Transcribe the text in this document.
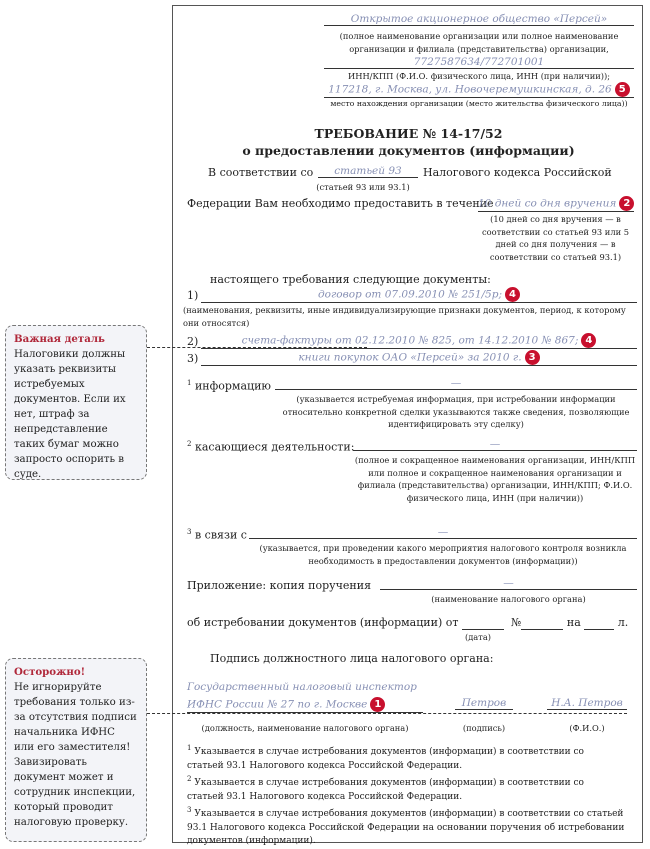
Открытое акционерное общество «Персей»
(полное наименование организации или полное наименование организации и филиала (представительства) организации,
7727587634/772701001
ИНН/КПП (Ф.И.О. физического лица, ИНН (при наличии));
117218, г. Москва, ул. Новочеремушкинская, д. 26 5
место нахождения организации (место жительства физического лица))
ТРЕБОВАНИЕ № 14-17/52
о предоставлении документов (информации)
В соответствии со	статьей 93	Налогового кодекса Российской
(статьей 93 или 93.1)
Федерации Вам необходимо предоставить в течение
10 дней со дня вручения 2
(10 дней со дня вручения — в соответствии со статьей 93 или 5 дней со дня получения — в соответствии со статьей 93.1)
настоящего требования следующие документы:
1)	договор от 07.09.2010 № 251/5р; 4
(наименования, реквизиты, иные индивидуализирующие признаки документов, период, к которому они относятся)
2)	счета-фактуры от 02.12.2010 № 825, от 14.12.2010 № 867; 4
3)	книги покупок ОАО «Персей» за 2010 г. 3
$^1$ информацию	—
(указывается истребуемая информация, при истребовании информации относительно конкретной сделки указываются также сведения, позволяющие идентифицировать эту сделку)
$^2$ касающиеся деятельности:	—
(полное и сокращенное наименования организации, ИНН/КПП или полное и сокращенное наименования организации и филиала (представительства) организации, ИНН/КПП; Ф.И.О. физического лица, ИНН (при наличии))
$^3$ в связи с	—
(указывается, при проведении какого мероприятия налогового контроля возникла необходимость в предоставлении документов (информации))
Приложение: копия поручения	—
(наименование налогового органа)
об истребовании документов (информации) от	№	на	л.
(дата)
Подпись должностного лица налогового органа:
Государственный налоговый инспектор
ИФНС России № 27 по г. Москве 1	Петров	Н.А. Петров
(должность, наименование налогового органа)	(подпись)	(Ф.И.О.)
$^1$ Указывается в случае истребования документов (информации) в соответствии со статьей 93.1 Налогового кодекса Российской Федерации.
$^2$ Указывается в случае истребования документов (информации) в соответствии со статьей 93.1 Налогового кодекса Российской Федерации.
$^3$ Указывается в случае истребования документов (информации) в соответствии со статьей 93.1 Налогового кодекса Российской Федерации на основании поручения об истребовании документов (информации).
Важная деталь
Налоговики должны указать реквизиты истребуемых документов. Если их нет, штраф за непредставление таких бумаг можно запросто оспорить в суде.
Осторожно!
Не игнорируйте требования только из-за отсутствия подписи начальника ИФНС или его заместителя! Завизировать документ может и сотрудник инспекции, который проводит налоговую проверку.
